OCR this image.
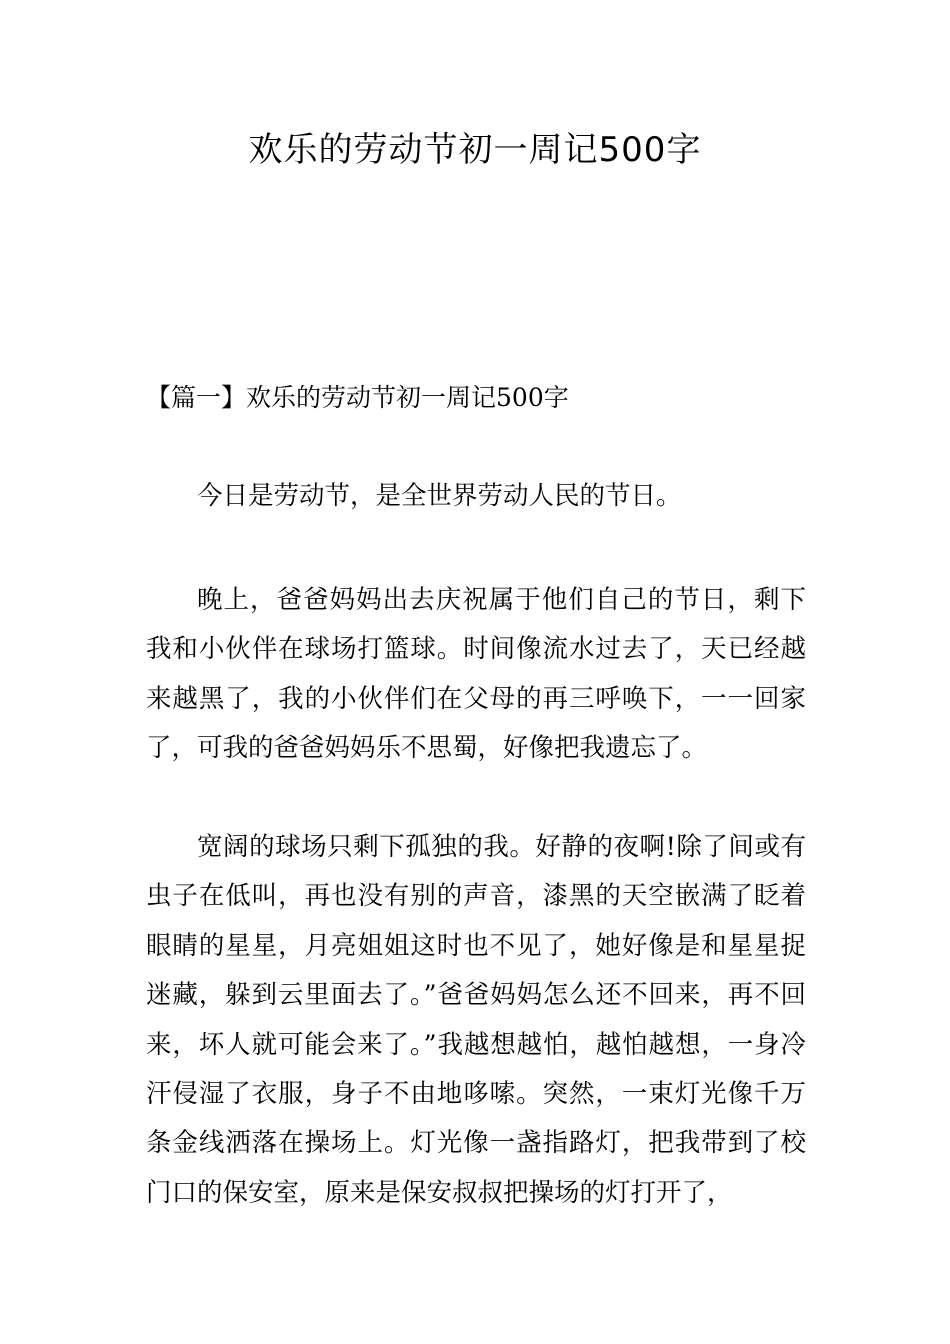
欢乐的劳动节初一周记500字
【篇一】欢乐的劳动节初一周记500字

今日是劳动节，是全世界劳动人民的节日。

晚上，爸爸妈妈出去庆祝属于他们自己的节日，剩下我和小伙伴在球场打篮球。时间像流水过去了，天已经越来越黑了，我的小伙伴们在父母的再三呼唤下，一一回家了，可我的爸爸妈妈乐不思蜀，好像把我遗忘了。

宽阔的球场只剩下孤独的我。好静的夜啊!除了间或有虫子在低叫，再也没有别的声音，漆黑的天空嵌满了眨着眼睛的星星，月亮姐姐这时也不见了，她好像是和星星捉迷藏，躲到云里面去了。”爸爸妈妈怎么还不回来，再不回来，坏人就可能会来了。”我越想越怕，越怕越想，一身冷汗侵湿了衣服，身子不由地哆嗦。突然，一束灯光像千万条金线洒落在操场上。灯光像一盏指路灯，把我带到了校门口的保安室，原来是保安叔叔把操场的灯打开了，
